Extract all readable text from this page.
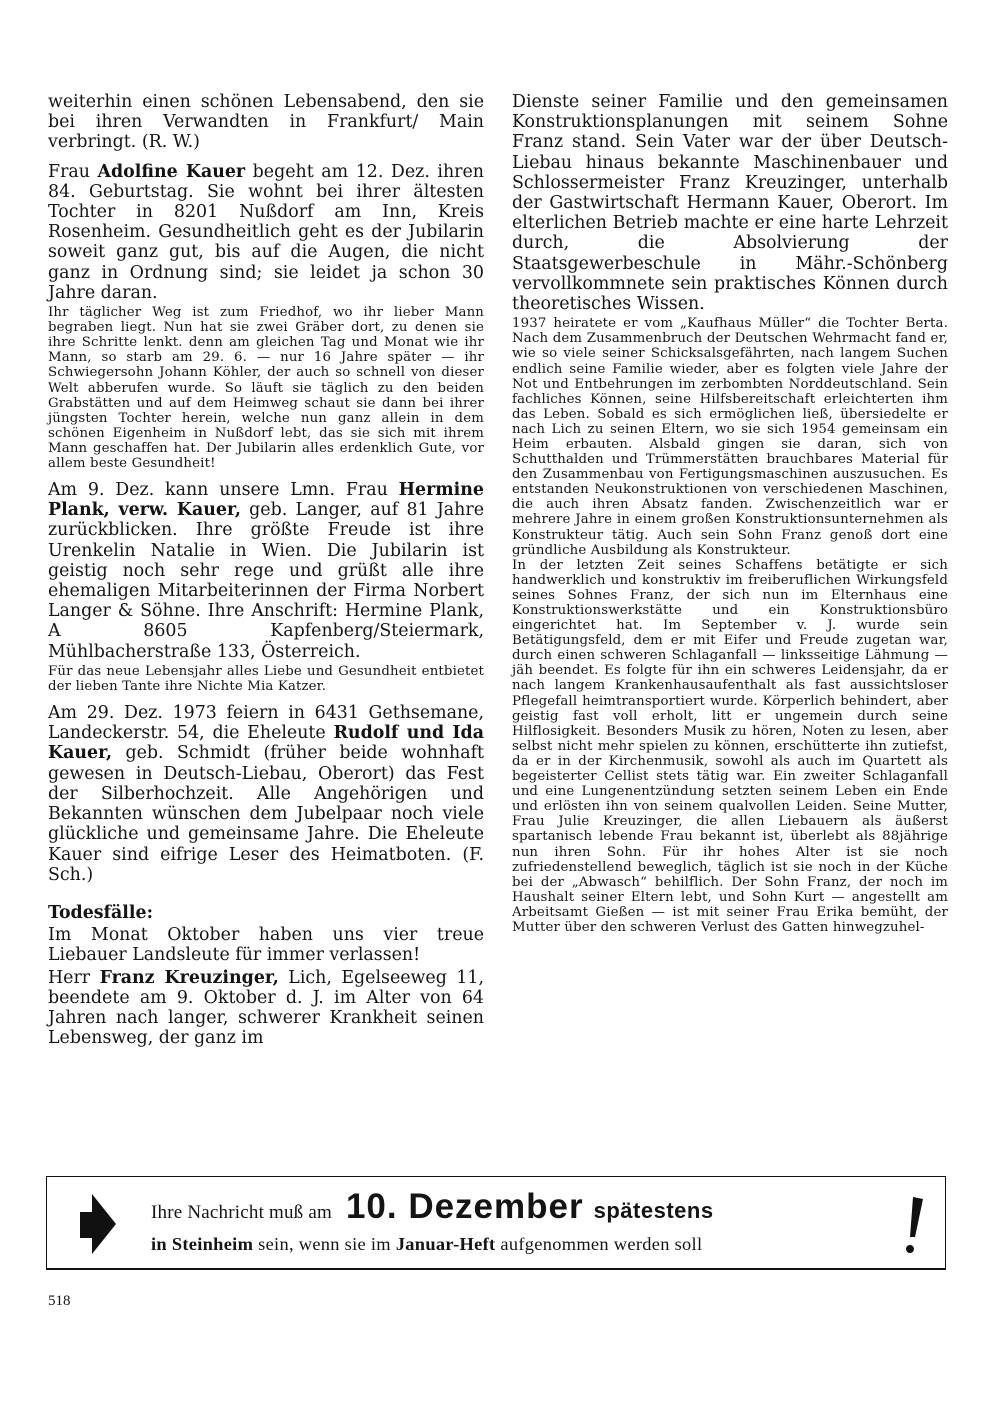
weiterhin einen schönen Lebensabend, den sie bei ihren Verwandten in Frankfurt/ Main verbringt. (R. W.)

Frau Adolfine Kauer begeht am 12. Dez. ihren 84. Geburtstag. Sie wohnt bei ihrer ältesten Tochter in 8201 Nußdorf am Inn, Kreis Rosenheim. Gesundheitlich geht es der Jubilarin soweit ganz gut, bis auf die Augen, die nicht ganz in Ordnung sind; sie leidet ja schon 30 Jahre daran.

Ihr täglicher Weg ist zum Friedhof, wo ihr lieber Mann begraben liegt. Nun hat sie zwei Gräber dort, zu denen sie ihre Schritte lenkt. denn am gleichen Tag und Monat wie ihr Mann, so starb am 29. 6. — nur 16 Jahre später — ihr Schwiegersohn Johann Köhler, der auch so schnell von dieser Welt abberufen wurde. So läuft sie täglich zu den beiden Grabstätten und auf dem Heimweg schaut sie dann bei ihrer jüngsten Tochter herein, welche nun ganz allein in dem schönen Eigenheim in Nußdorf lebt, das sie sich mit ihrem Mann geschaffen hat. Der Jubilarin alles erdenklich Gute, vor allem beste Gesundheit!

Am 9. Dez. kann unsere Lmn. Frau Hermine Plank, verw. Kauer, geb. Langer, auf 81 Jahre zurückblicken. Ihre größte Freude ist ihre Urenkelin Natalie in Wien. Die Jubilarin ist geistig noch sehr rege und grüßt alle ihre ehemaligen Mitarbeiterinnen der Firma Norbert Langer & Söhne. Ihre Anschrift: Hermine Plank, A 8605 Kapfenberg/Steiermark, Mühlbacherstraße 133, Österreich.

Für das neue Lebensjahr alles Liebe und Gesundheit entbietet der lieben Tante ihre Nichte Mia Katzer.

Am 29. Dez. 1973 feiern in 6431 Gethsemane, Landeckerstr. 54, die Eheleute Rudolf und Ida Kauer, geb. Schmidt (früher beide wohnhaft gewesen in Deutsch-Liebau, Oberort) das Fest der Silberhochzeit. Alle Angehörigen und Bekannten wünschen dem Jubelpaar noch viele glückliche und gemeinsame Jahre. Die Eheleute Kauer sind eifrige Leser des Heimatboten. (F. Sch.)

Todesfälle:

Im Monat Oktober haben uns vier treue Liebauer Landsleute für immer verlassen!

Herr Franz Kreuzinger, Lich, Egelseeweg 11, beendete am 9. Oktober d. J. im Alter von 64 Jahren nach langer, schwerer Krankheit seinen Lebensweg, der ganz im

Dienste seiner Familie und den gemeinsamen Konstruktionsplanungen mit seinem Sohne Franz stand. Sein Vater war der über Deutsch-Liebau hinaus bekannte Maschinenbauer und Schlossermeister Franz Kreuzinger, unterhalb der Gastwirtschaft Hermann Kauer, Oberort. Im elterlichen Betrieb machte er eine harte Lehrzeit durch, die Absolvierung der Staatsgewerbeschule in Mähr.-Schönberg vervollkommnete sein praktisches Können durch theoretisches Wissen.

1937 heiratete er vom „Kaufhaus Müller“ die Tochter Berta. Nach dem Zusammenbruch der Deutschen Wehrmacht fand er, wie so viele seiner Schicksalsgefährten, nach langem Suchen endlich seine Familie wieder, aber es folgten viele Jahre der Not und Entbehrungen im zerbombten Norddeutschland. Sein fachliches Können, seine Hilfsbereitschaft erleichterten ihm das Leben. Sobald es sich ermöglichen ließ, übersiedelte er nach Lich zu seinen Eltern, wo sie sich 1954 gemeinsam ein Heim erbauten. Alsbald gingen sie daran, sich von Schutthalden und Trümmerstätten brauchbares Material für den Zusammenbau von Fertigungsmaschinen auszusuchen. Es entstanden Neukonstruktionen von verschiedenen Maschinen, die auch ihren Absatz fanden. Zwischenzeitlich war er mehrere Jahre in einem großen Konstruktionsunternehmen als Konstrukteur tätig. Auch sein Sohn Franz genoß dort eine gründliche Ausbildung als Konstrukteur.

In der letzten Zeit seines Schaffens betätigte er sich handwerklich und konstruktiv im freiberuflichen Wirkungsfeld seines Sohnes Franz, der sich nun im Elternhaus eine Konstruktionswerkstätte und ein Konstruktionsbüro eingerichtet hat. Im September v. J. wurde sein Betätigungsfeld, dem er mit Eifer und Freude zugetan war, durch einen schweren Schlaganfall — linksseitige Lähmung — jäh beendet. Es folgte für ihn ein schweres Leidensjahr, da er nach langem Krankenhausaufenthalt als fast aussichtsloser Pflegefall heimtransportiert wurde. Körperlich behindert, aber geistig fast voll erholt, litt er ungemein durch seine Hilflosigkeit. Besonders Musik zu hören, Noten zu lesen, aber selbst nicht mehr spielen zu können, erschütterte ihn zutiefst, da er in der Kirchenmusik, sowohl als auch im Quartett als begeisterter Cellist stets tätig war. Ein zweiter Schlaganfall und eine Lungenentzündung setzten seinem Leben ein Ende und erlösten ihn von seinem qualvollen Leiden. Seine Mutter, Frau Julie Kreuzinger, die allen Liebauern als äußerst spartanisch lebende Frau bekannt ist, überlebt als 88jährige nun ihren Sohn. Für ihr hohes Alter ist sie noch zufriedenstellend beweglich, täglich ist sie noch in der Küche bei der „Abwasch“ behilflich. Der Sohn Franz, der noch im Haushalt seiner Eltern lebt, und Sohn Kurt — angestellt am Arbeitsamt Gießen — ist mit seiner Frau Erika bemüht, der Mutter über den schweren Verlust des Gatten hinwegzuhel-

Ihre Nachricht muß am 10. Dezember spätestens
in Steinheim sein, wenn sie im Januar-Heft aufgenommen werden soll
518
